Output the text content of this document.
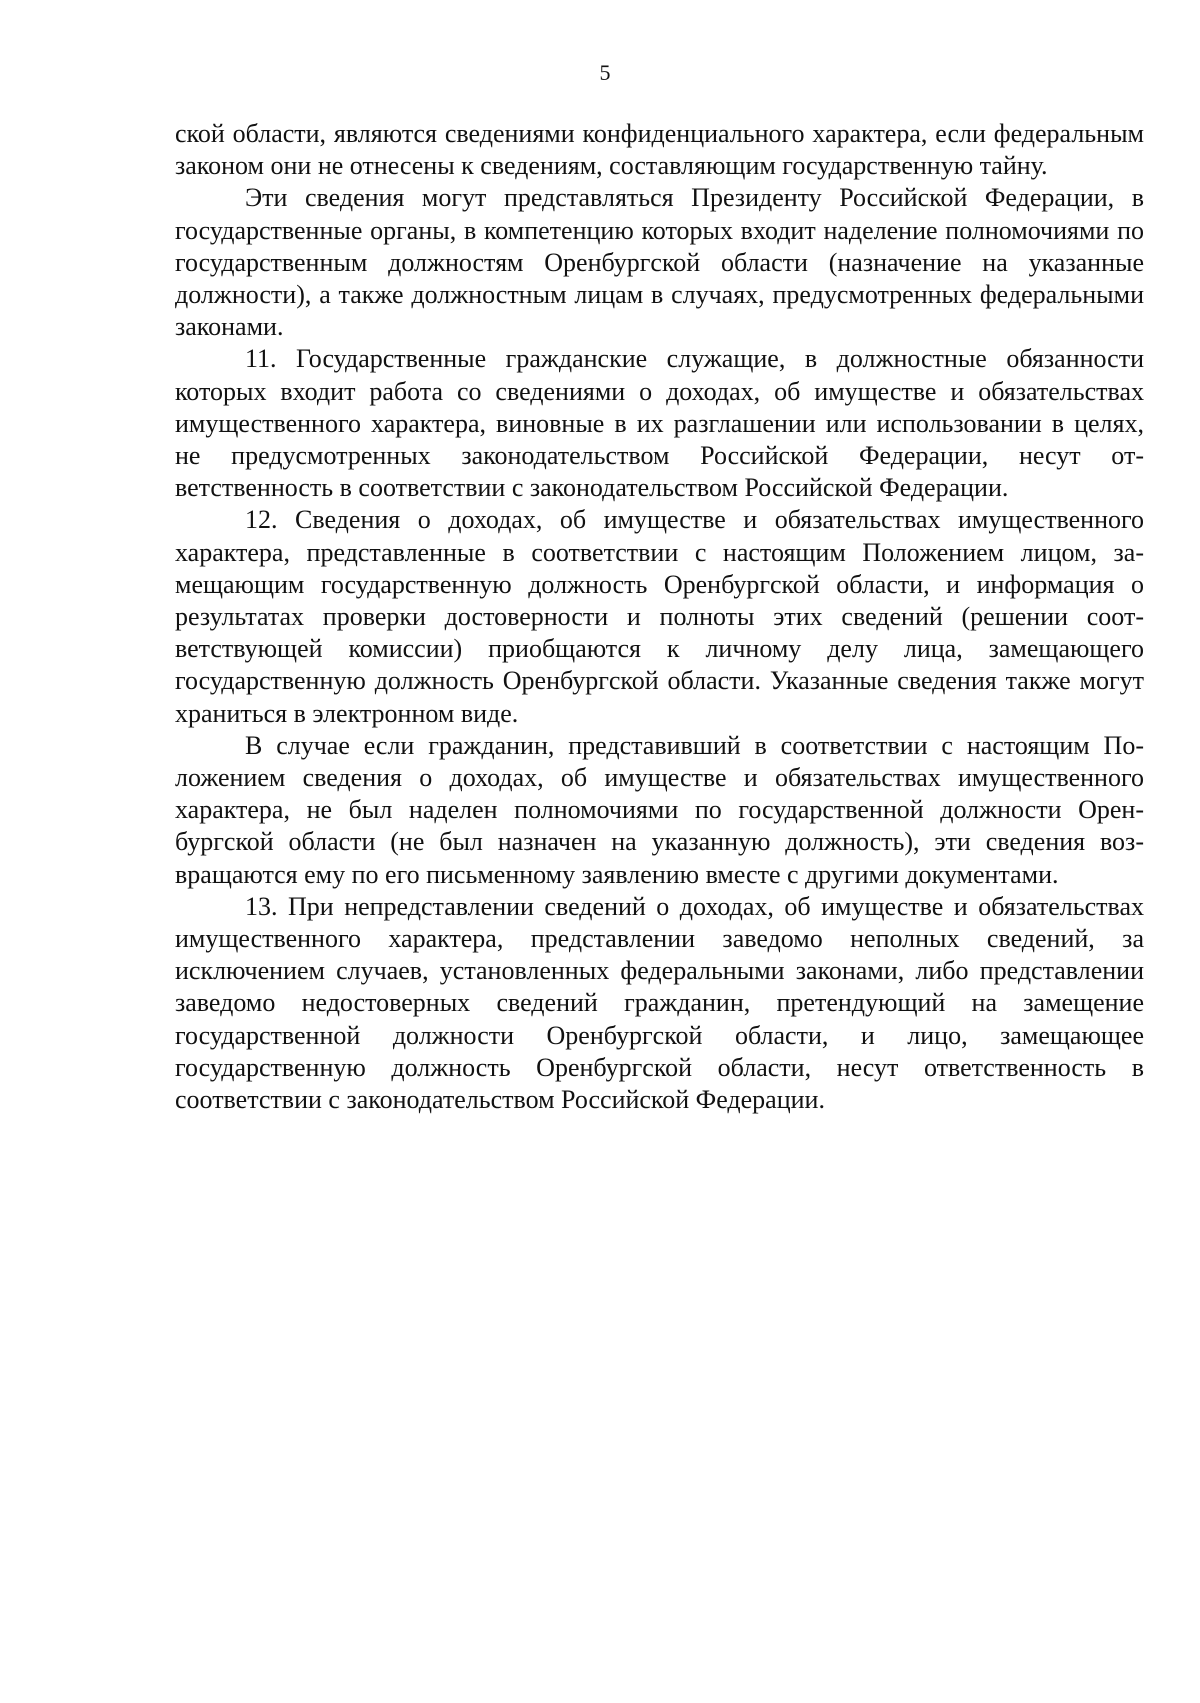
5

ской области, являются сведениями конфиденциального характера, если федеральным законом они не отнесены к сведениям, составляющим государственную тайну.

Эти сведения могут представляться Президенту Российской Федерации, в государственные органы, в компетенцию которых входит наделение полномочиями по государственным должностям Оренбургской области (назначение на указанные должности), а также должностным лицам в случаях, предусмотренных федеральными законами.

11. Государственные гражданские служащие, в должностные обязанности которых входит работа со сведениями о доходах, об имуществе и обязательствах имущественного характера, виновные в их разглашении или использовании в целях, не предусмотренных законодательством Российской Федерации, несут ответственность в соответствии с законодательством Российской Федерации.

12. Сведения о доходах, об имуществе и обязательствах имущественного характера, представленные в соответствии с настоящим Положением лицом, замещающим государственную должность Оренбургской области, и информация о результатах проверки достоверности и полноты этих сведений (решении соответствующей комиссии) приобщаются к личному делу лица, замещающего государственную должность Оренбургской области. Указанные сведения также могут храниться в электронном виде.

В случае если гражданин, представивший в соответствии с настоящим Положением сведения о доходах, об имуществе и обязательствах имущественного характера, не был наделен полномочиями по государственной должности Оренбургской области (не был назначен на указанную должность), эти сведения возвращаются ему по его письменному заявлению вместе с другими документами.

13. При непредставлении сведений о доходах, об имуществе и обязательствах имущественного характера, представлении заведомо неполных сведений, за исключением случаев, установленных федеральными законами, либо представлении заведомо недостоверных сведений гражданин, претендующий на замещение государственной должности Оренбургской области, и лицо, замещающее государственную должность Оренбургской области, несут ответственность в соответствии с законодательством Российской Федерации.
